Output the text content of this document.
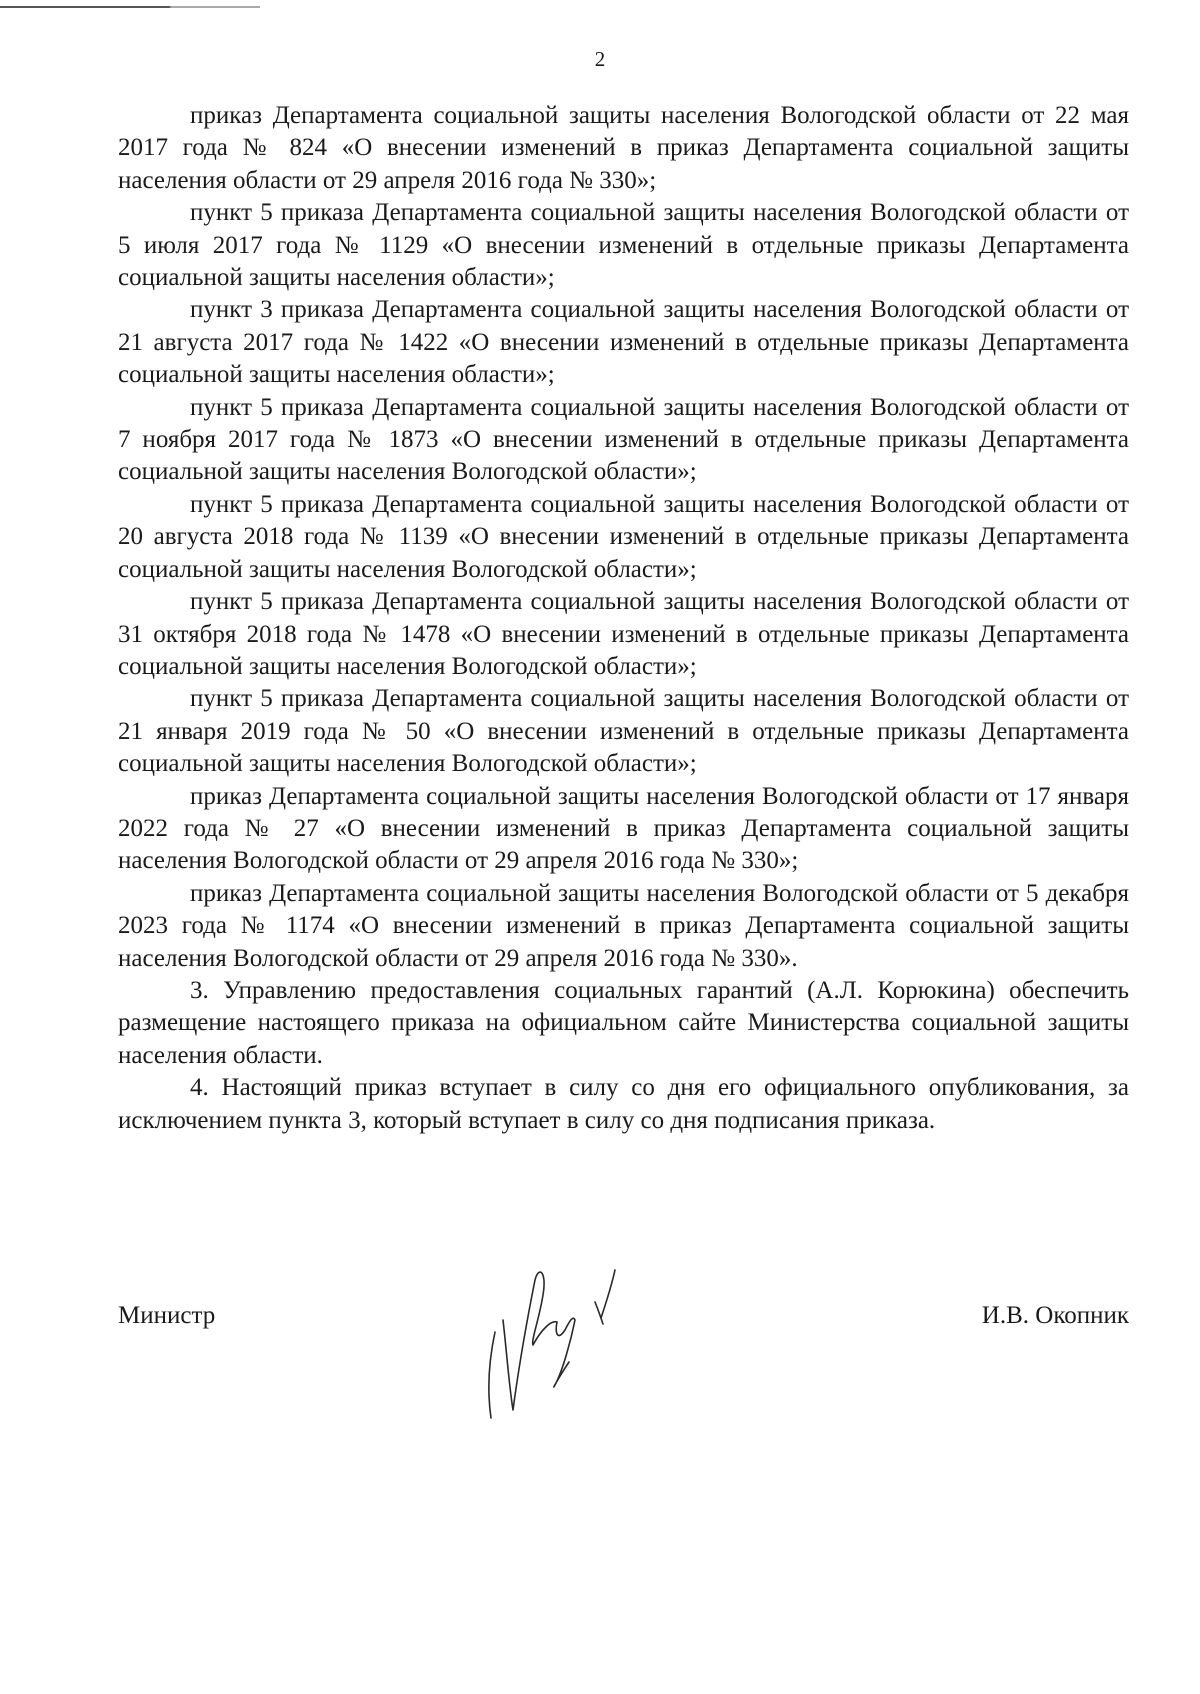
2

приказ Департамента социальной защиты населения Вологодской области от 22 мая 2017 года № 824 «О внесении изменений в приказ Департамента социальной защиты населения области от 29 апреля 2016 года № 330»;

пункт 5 приказа Департамента социальной защиты населения Вологодской области от 5 июля 2017 года № 1129 «О внесении изменений в отдельные приказы Департамента социальной защиты населения области»;

пункт 3 приказа Департамента социальной защиты населения Вологодской области от 21 августа 2017 года № 1422 «О внесении изменений в отдельные приказы Департамента социальной защиты населения области»;

пункт 5 приказа Департамента социальной защиты населения Вологодской области от 7 ноября 2017 года № 1873 «О внесении изменений в отдельные приказы Департамента социальной защиты населения Вологодской области»;

пункт 5 приказа Департамента социальной защиты населения Вологодской области от 20 августа 2018 года № 1139 «О внесении изменений в отдельные приказы Департамента социальной защиты населения Вологодской области»;

пункт 5 приказа Департамента социальной защиты населения Вологодской области от 31 октября 2018 года № 1478 «О внесении изменений в отдельные приказы Департамента социальной защиты населения Вологодской области»;

пункт 5 приказа Департамента социальной защиты населения Вологодской области от 21 января 2019 года № 50 «О внесении изменений в отдельные приказы Департамента социальной защиты населения Вологодской области»;

приказ Департамента социальной защиты населения Вологодской области от 17 января 2022 года № 27 «О внесении изменений в приказ Департамента социальной защиты населения Вологодской области от 29 апреля 2016 года № 330»;

приказ Департамента социальной защиты населения Вологодской области от 5 декабря 2023 года № 1174 «О внесении изменений в приказ Департамента социальной защиты населения Вологодской области от 29 апреля 2016 года № 330».

3. Управлению предоставления социальных гарантий (А.Л. Корюкина) обеспечить размещение настоящего приказа на официальном сайте Министерства социальной защиты населения области.

4. Настоящий приказ вступает в силу со дня его официального опубликования, за исключением пункта 3, который вступает в силу со дня подписания приказа.

Министр	И.В. Окопник
